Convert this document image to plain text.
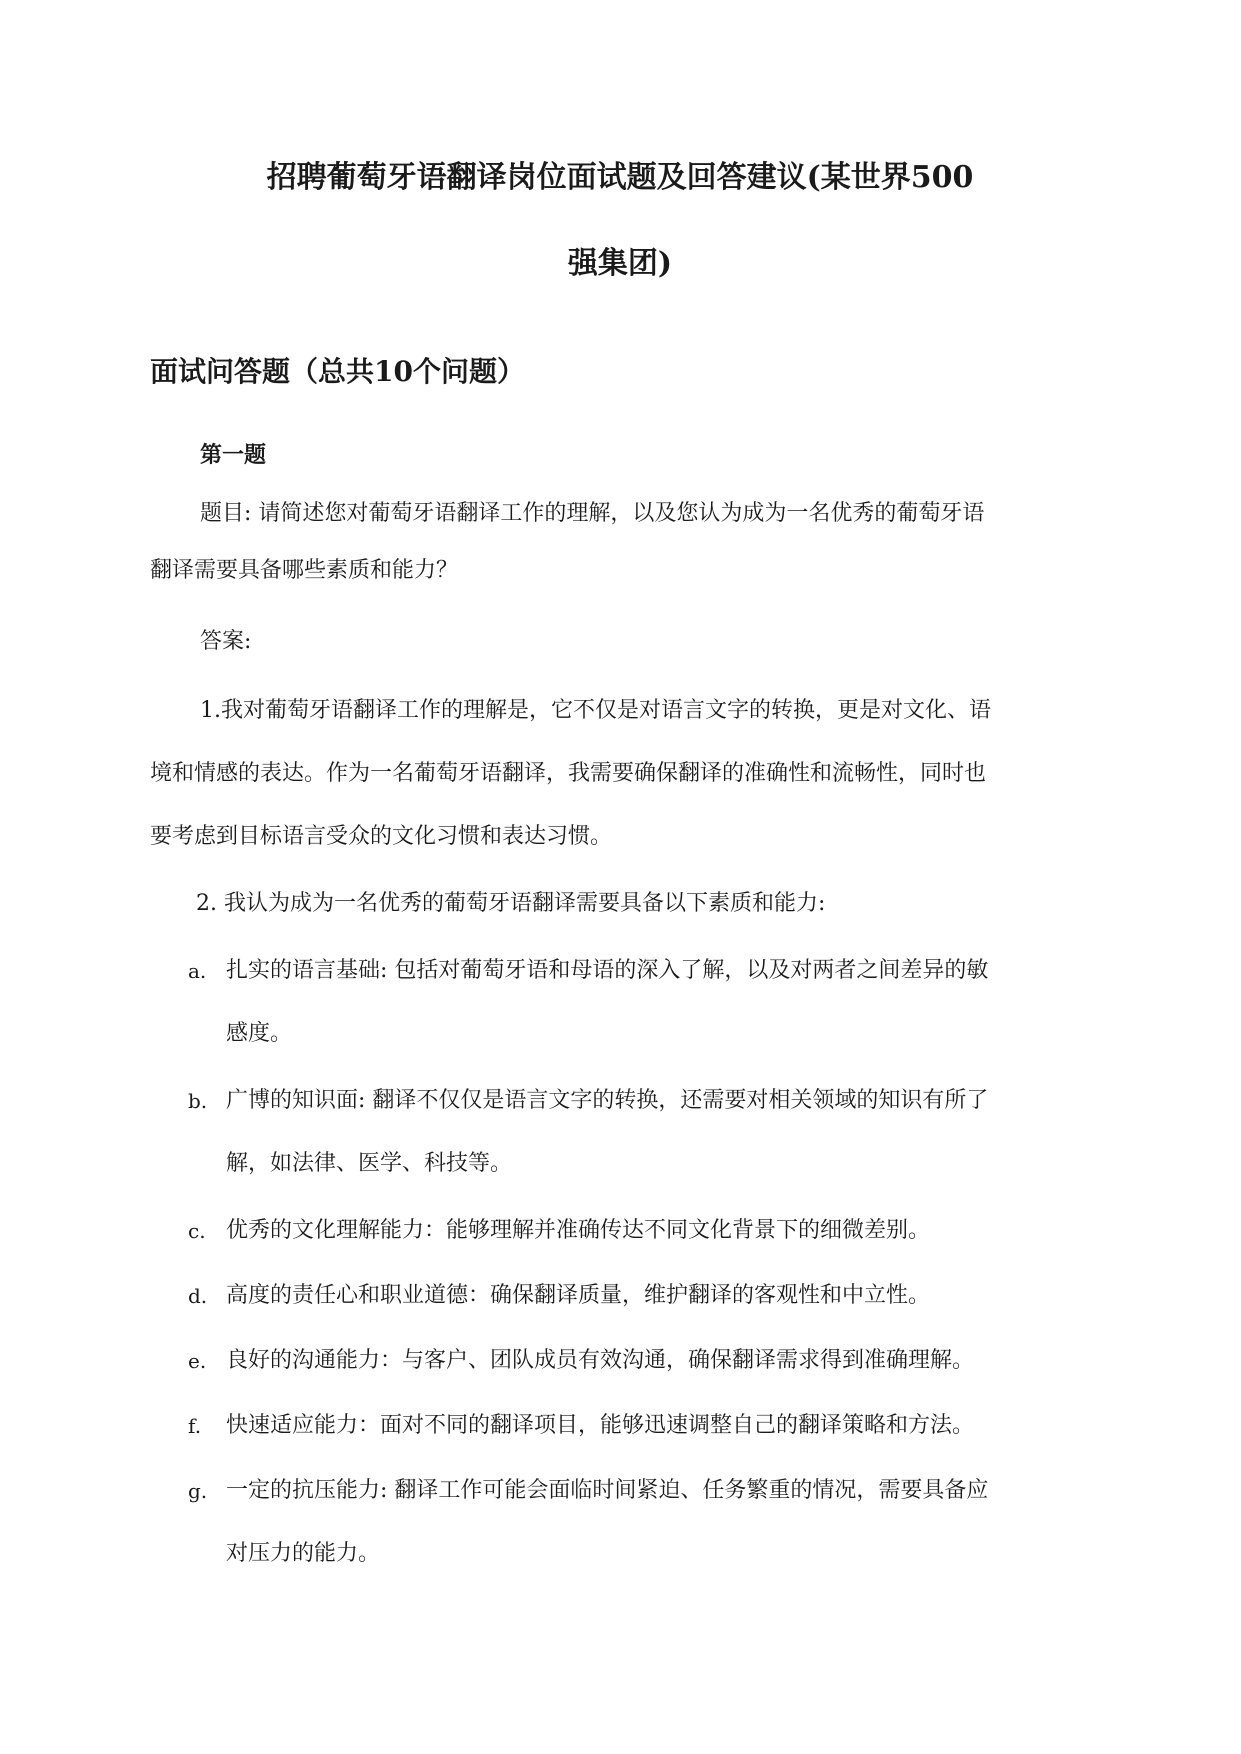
招聘葡萄牙语翻译岗位面试题及回答建议(某世界500
强集团)
面试问答题（总共10个问题）
第一题
题目: 请简述您对葡萄牙语翻译工作的理解，以及您认为成为一名优秀的葡萄牙语
翻译需要具备哪些素质和能力？
答案:
1.我对葡萄牙语翻译工作的理解是，它不仅是对语言文字的转换，更是对文化、语
境和情感的表达。作为一名葡萄牙语翻译，我需要确保翻译的准确性和流畅性，同时也
要考虑到目标语言受众的文化习惯和表达习惯。
2. 我认为成为一名优秀的葡萄牙语翻译需要具备以下素质和能力:
a. 扎实的语言基础: 包括对葡萄牙语和母语的深入了解，以及对两者之间差异的敏
感度。
b. 广博的知识面: 翻译不仅仅是语言文字的转换，还需要对相关领域的知识有所了
解，如法律、医学、科技等。
c. 优秀的文化理解能力：能够理解并准确传达不同文化背景下的细微差别。
d. 高度的责任心和职业道德：确保翻译质量，维护翻译的客观性和中立性。
e. 良好的沟通能力：与客户、团队成员有效沟通，确保翻译需求得到准确理解。
f. 快速适应能力：面对不同的翻译项目，能够迅速调整自己的翻译策略和方法。
g. 一定的抗压能力: 翻译工作可能会面临时间紧迫、任务繁重的情况，需要具备应
对压力的能力。
